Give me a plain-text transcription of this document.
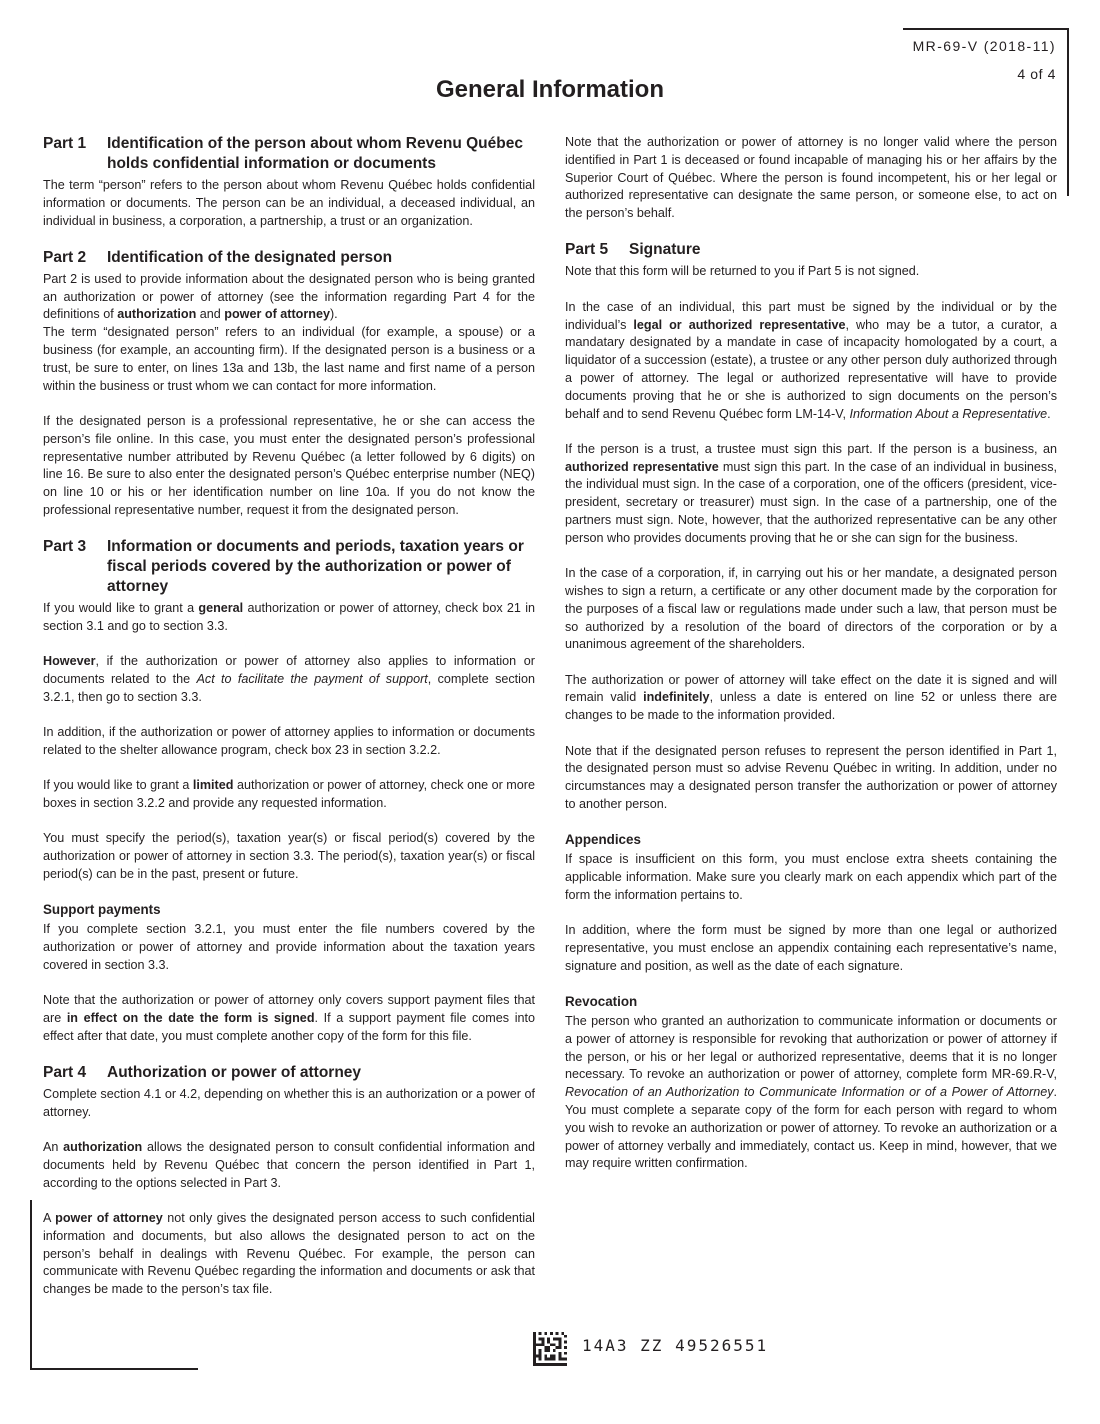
MR-69-V (2018-11)
4 of 4
General Information
Part 1	Identification of the person about whom Revenu Québec holds confidential information or documents

The term “person” refers to the person about whom Revenu Québec holds confidential information or documents. The person can be an individual, a deceased individual, an individual in business, a corporation, a partnership, a trust or an organization.

Part 2	Identification of the designated person

Part 2 is used to provide information about the designated person who is being granted an authorization or power of attorney (see the information regarding Part 4 for the definitions of authorization and power of attorney).

The term “designated person” refers to an individual (for example, a spouse) or a business (for example, an accounting firm). If the designated person is a business or a trust, be sure to enter, on lines 13a and 13b, the last name and first name of a person within the business or trust whom we can contact for more information.

If the designated person is a professional representative, he or she can access the person’s file online. In this case, you must enter the designated person’s professional representative number attributed by Revenu Québec (a letter followed by 6 digits) on line 16. Be sure to also enter the designated person’s Québec enterprise number (NEQ) on line 10 or his or her identification number on line 10a. If you do not know the professional representative number, request it from the designated person.

Part 3	Information or documents and periods, taxation years or fiscal periods covered by the authorization or power of attorney

If you would like to grant a general authorization or power of attorney, check box 21 in section 3.1 and go to section 3.3.

However, if the authorization or power of attorney also applies to information or documents related to the Act to facilitate the payment of support, complete section 3.2.1, then go to section 3.3.

In addition, if the authorization or power of attorney applies to information or documents related to the shelter allowance program, check box 23 in section 3.2.2.

If you would like to grant a limited authorization or power of attorney, check one or more boxes in section 3.2.2 and provide any requested information.

You must specify the period(s), taxation year(s) or fiscal period(s) covered by the authorization or power of attorney in section 3.3. The period(s), taxation year(s) or fiscal period(s) can be in the past, present or future.

Support payments

If you complete section 3.2.1, you must enter the file numbers covered by the authorization or power of attorney and provide information about the taxation years covered in section 3.3.

Note that the authorization or power of attorney only covers support payment files that are in effect on the date the form is signed. If a support payment file comes into effect after that date, you must complete another copy of the form for this file.

Part 4	Authorization or power of attorney

Complete section 4.1 or 4.2, depending on whether this is an authorization or a power of attorney.

An authorization allows the designated person to consult confidential information and documents held by Revenu Québec that concern the person identified in Part 1, according to the options selected in Part 3.

A power of attorney not only gives the designated person access to such confidential information and documents, but also allows the designated person to act on the person’s behalf in dealings with Revenu Québec. For example, the person can communicate with Revenu Québec regarding the information and documents or ask that changes be made to the person’s tax file.

Note that the authorization or power of attorney is no longer valid where the person identified in Part 1 is deceased or found incapable of managing his or her affairs by the Superior Court of Québec. Where the person is found incompetent, his or her legal or authorized representative can designate the same person, or someone else, to act on the person’s behalf.

Part 5	Signature

Note that this form will be returned to you if Part 5 is not signed.

In the case of an individual, this part must be signed by the individual or by the individual’s legal or authorized representative, who may be a tutor, a curator, a mandatary designated by a mandate in case of incapacity homologated by a court, a liquidator of a succession (estate), a trustee or any other person duly authorized through a power of attorney. The legal or authorized representative will have to provide documents proving that he or she is authorized to sign documents on the person’s behalf and to send Revenu Québec form LM-14-V, Information About a Representative.

If the person is a trust, a trustee must sign this part. If the person is a business, an authorized representative must sign this part. In the case of an individual in business, the individual must sign. In the case of a corporation, one of the officers (president, vice-president, secretary or treasurer) must sign. In the case of a partnership, one of the partners must sign. Note, however, that the authorized representative can be any other person who provides documents proving that he or she can sign for the business.

In the case of a corporation, if, in carrying out his or her mandate, a designated person wishes to sign a return, a certificate or any other document made by the corporation for the purposes of a fiscal law or regulations made under such a law, that person must be so authorized by a resolution of the board of directors of the corporation or by a unanimous agreement of the shareholders.

The authorization or power of attorney will take effect on the date it is signed and will remain valid indefinitely, unless a date is entered on line 52 or unless there are changes to be made to the information provided.

Note that if the designated person refuses to represent the person identified in Part 1, the designated person must so advise Revenu Québec in writing. In addition, under no circumstances may a designated person transfer the authorization or power of attorney to another person.

Appendices

If space is insufficient on this form, you must enclose extra sheets containing the applicable information. Make sure you clearly mark on each appendix which part of the form the information pertains to.

In addition, where the form must be signed by more than one legal or authorized representative, you must enclose an appendix containing each representative’s name, signature and position, as well as the date of each signature.

Revocation

The person who granted an authorization to communicate information or documents or a power of attorney is responsible for revoking that authorization or power of attorney if the person, or his or her legal or authorized representative, deems that it is no longer necessary. To revoke an authorization or power of attorney, complete form MR-69.R-V, Revocation of an Authorization to Communicate Information or of a Power of Attorney. You must complete a separate copy of the form for each person with regard to whom you wish to revoke an authorization or power of attorney. To revoke an authorization or a power of attorney verbally and immediately, contact us. Keep in mind, however, that we may require written confirmation.

14A3 ZZ 49526551
